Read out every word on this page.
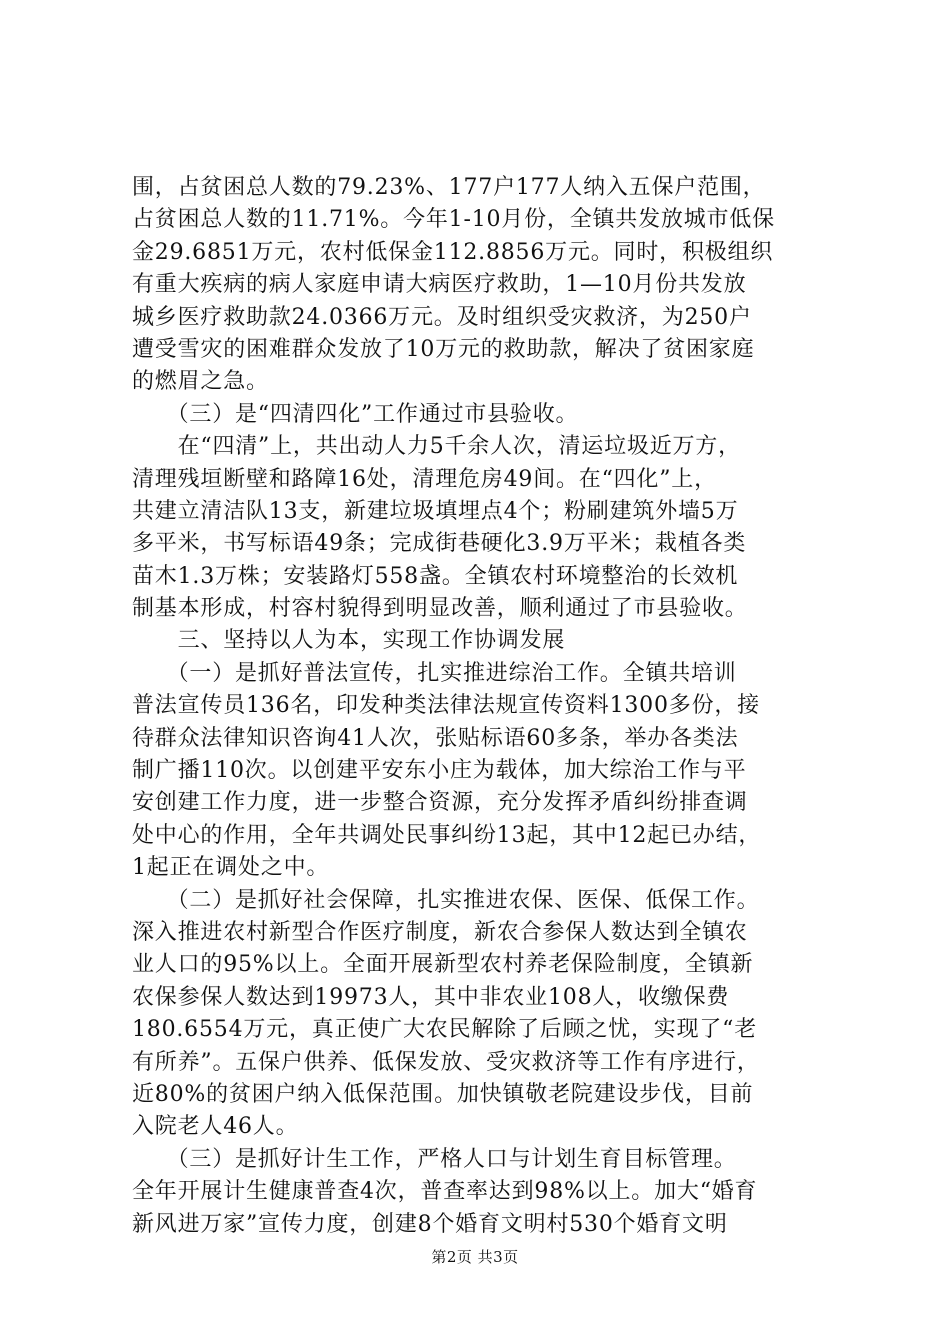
围，占贫困总人数的79.23%、177户177人纳入五保户范围，
占贫困总人数的11.71%。今年1-10月份，全镇共发放城市低保
金29.6851万元，农村低保金112.8856万元。同时，积极组织
有重大疾病的病人家庭申请大病医疗救助，1—10月份共发放
城乡医疗救助款24.0366万元。及时组织受灾救济，为250户
遭受雪灾的困难群众发放了10万元的救助款，解决了贫困家庭
的燃眉之急。
　　（三）是“四清四化”工作通过市县验收。
　　在“四清”上，共出动人力5千余人次，清运垃圾近万方，
清理残垣断壁和路障16处，清理危房49间。在“四化”上，
共建立清洁队13支，新建垃圾填埋点4个；粉刷建筑外墙5万
多平米，书写标语49条；完成街巷硬化3.9万平米；栽植各类
苗木1.3万株；安装路灯558盏。全镇农村环境整治的长效机
制基本形成，村容村貌得到明显改善，顺利通过了市县验收。
　　三、坚持以人为本，实现工作协调发展
　　（一）是抓好普法宣传，扎实推进综治工作。全镇共培训
普法宣传员136名，印发种类法律法规宣传资料1300多份，接
待群众法律知识咨询41人次，张贴标语60多条，举办各类法
制广播110次。以创建平安东小庄为载体，加大综治工作与平
安创建工作力度，进一步整合资源，充分发挥矛盾纠纷排查调
处中心的作用，全年共调处民事纠纷13起，其中12起已办结，
1起正在调处之中。
　　（二）是抓好社会保障，扎实推进农保、医保、低保工作。
深入推进农村新型合作医疗制度，新农合参保人数达到全镇农
业人口的95%以上。全面开展新型农村养老保险制度，全镇新
农保参保人数达到19973人，其中非农业108人，收缴保费
180.6554万元，真正使广大农民解除了后顾之忧，实现了“老
有所养”。五保户供养、低保发放、受灾救济等工作有序进行，
近80%的贫困户纳入低保范围。加快镇敬老院建设步伐，目前
入院老人46人。
　　（三）是抓好计生工作，严格人口与计划生育目标管理。
全年开展计生健康普查4次，普查率达到98%以上。加大“婚育
新风进万家”宣传力度，创建8个婚育文明村530个婚育文明
第2页 共3页
